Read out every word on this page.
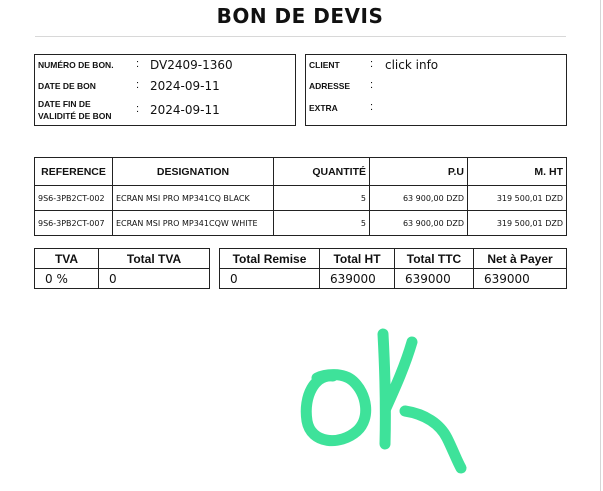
BON DE DEVIS
NUMÉRO DE BON. : DV2409-1360
DATE DE BON	: 2024-09-11
DATE FIN DE
VALIDITÉ DE BON
: 2024-09-11
CLIENT	: click info
ADRESSE :
EXTRA	:
REFERENCE	DESIGNATION	QUANTITÉ	P.U	M. HT
9S6-3PB2CT-002	ECRAN MSI PRO MP341CQ BLACK	5	63 900,00 DZD	319 500,01 DZD
9S6-3PB2CT-007	ECRAN MSI PRO MP341CQW WHITE	5	63 900,00 DZD	319 500,01 DZD
TVA	Total TVA
0 %	0
Total Remise	Total HT	Total TTC	Net à Payer
0	639000	639000	639000
